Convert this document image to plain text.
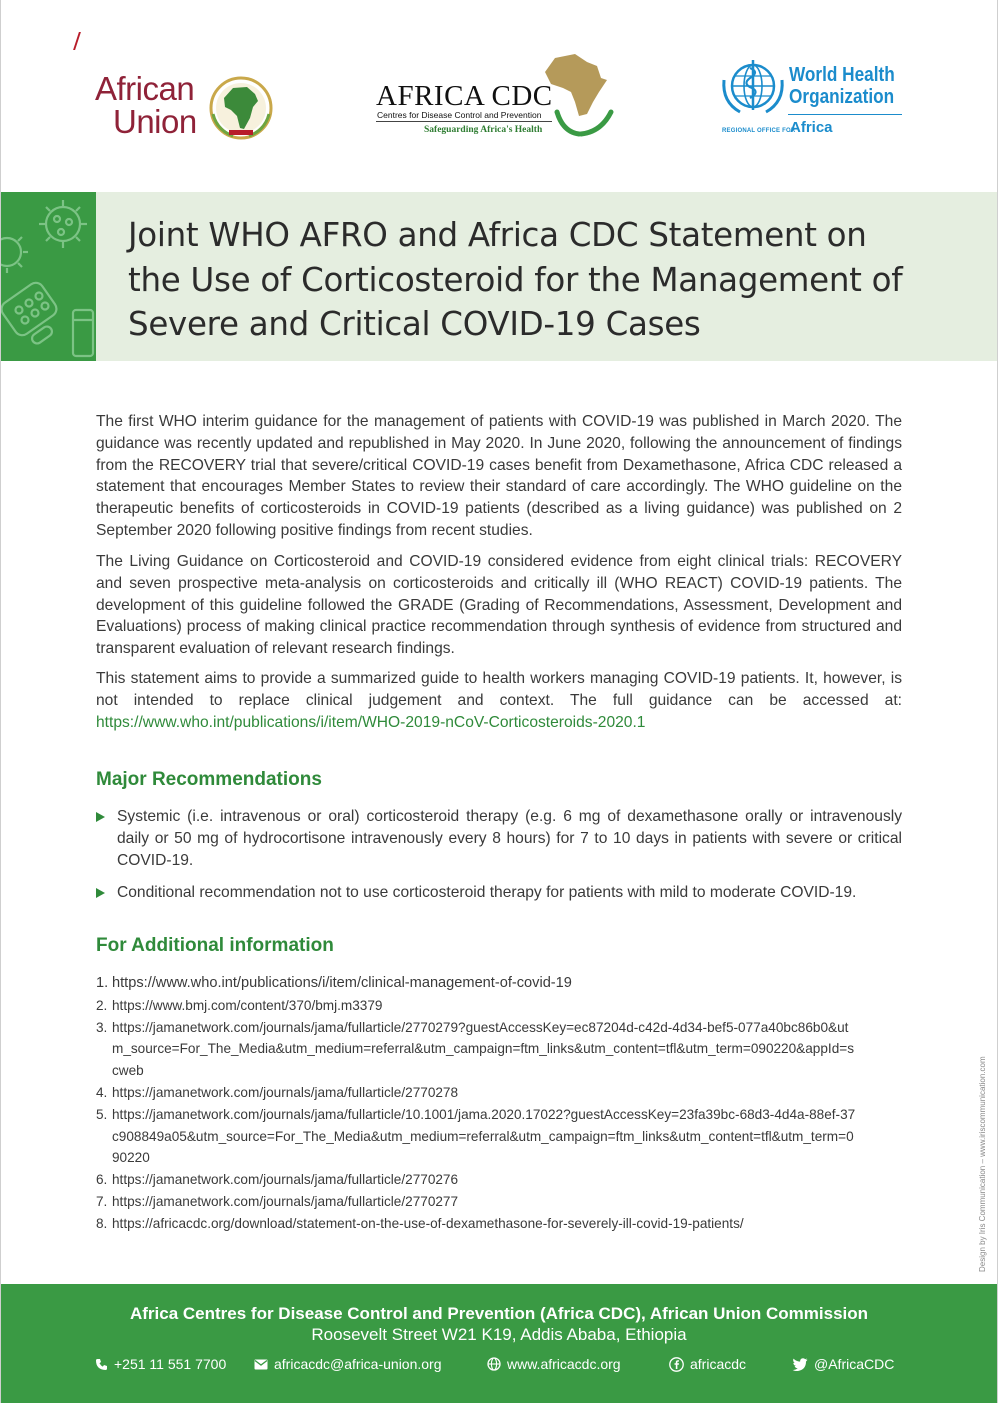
African
Union
AFRICA CDC
Centres for Disease Control and Prevention
Safeguarding Africa's Health
World Health
Organization
REGIONAL OFFICE FOR
Africa
Joint WHO AFRO and Africa CDC Statement on
the Use of Corticosteroid for the Management of
Severe and Critical COVID-19 Cases

The first WHO interim guidance for the management of patients with COVID-19 was published in March 2020. The guidance was recently updated and republished in May 2020. In June 2020, following the announcement of findings from the RECOVERY trial that severe/critical COVID-19 cases benefit from Dexamethasone, Africa CDC released a statement that encourages Member States to review their standard of care accordingly. The WHO guideline on the therapeutic benefits of corticosteroids in COVID-19 patients (described as a living guidance) was published on 2 September 2020 following positive findings from recent studies.

The Living Guidance on Corticosteroid and COVID-19 considered evidence from eight clinical trials: RECOVERY and seven prospective meta-analysis on corticosteroids and critically ill (WHO REACT) COVID-19 patients. The development of this guideline followed the GRADE (Grading of Recommendations, Assessment, Development and Evaluations) process of making clinical practice recommendation through synthesis of evidence from structured and transparent evaluation of relevant research findings.

This statement aims to provide a summarized guide to health workers managing COVID-19 patients. It, however, is not intended to replace clinical judgement and context. The full guidance can be accessed at: https://www.who.int/publications/i/item/WHO-2019-nCoV-Corticosteroids-2020.1

Major Recommendations
Systemic (i.e. intravenous or oral) corticosteroid therapy (e.g. 6 mg of dexamethasone orally or intravenously daily or 50 mg of hydrocortisone intravenously every 8 hours) for 7 to 10 days in patients with severe or critical COVID-19.
Conditional recommendation not to use corticosteroid therapy for patients with mild to moderate COVID-19.
For Additional information
1. https://www.who.int/publications/i/item/clinical-management-of-covid-19
2. https://www.bmj.com/content/370/bmj.m3379
3. https://jamanetwork.com/journals/jama/fullarticle/2770279?guestAccessKey=ec87204d-c42d-4d34-bef5-077a40bc86b0&utm_source=For_The_Media&utm_medium=referral&utm_campaign=ftm_links&utm_content=tfl&utm_term=090220&appId=scweb
4. https://jamanetwork.com/journals/jama/fullarticle/2770278
5. https://jamanetwork.com/journals/jama/fullarticle/10.1001/jama.2020.17022?guestAccessKey=23fa39bc-68d3-4d4a-88ef-37c908849a05&utm_source=For_The_Media&utm_medium=referral&utm_campaign=ftm_links&utm_content=tfl&utm_term=090220
6. https://jamanetwork.com/journals/jama/fullarticle/2770276
7. https://jamanetwork.com/journals/jama/fullarticle/2770277
8. https://africacdc.org/download/statement-on-the-use-of-dexamethasone-for-severely-ill-covid-19-patients/	Design by Iris Communication – www.iriscommunication.com
Africa Centres for Disease Control and Prevention (Africa CDC), African Union Commission
Roosevelt Street W21 K19, Addis Ababa, Ethiopia
+251 11 551 7700	africacdc@africa-union.org	www.africacdc.org	africacdc	@AfricaCDC
